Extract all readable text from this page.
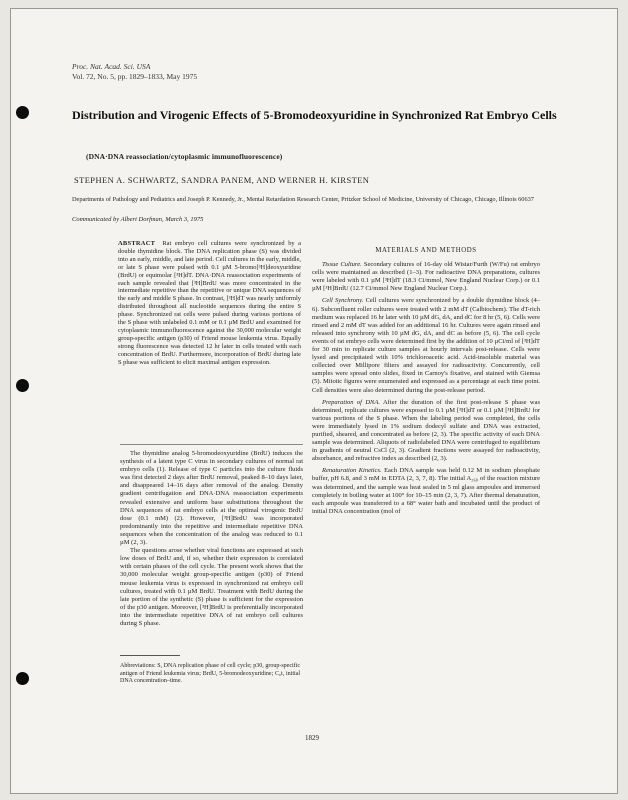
Proc. Nat. Acad. Sci. USA
Vol. 72, No. 5, pp. 1829–1833, May 1975
Distribution and Virogenic Effects of 5-Bromodeoxyuridine in Synchronized Rat Embryo Cells
(DNA·DNA reassociation/cytoplasmic immunofluorescence)
STEPHEN A. SCHWARTZ, SANDRA PANEM, AND WERNER H. KIRSTEN
Departments of Pathology and Pediatrics and Joseph P. Kennedy, Jr., Mental Retardation Research Center, Pritzker School of Medicine, University of Chicago, Chicago, Illinois 60637
Communicated by Albert Dorfman, March 3, 1975

ABSTRACT Rat embryo cell cultures were synchronized by a double thymidine block. The DNA replication phase (S) was divided into an early, middle, and late period. Cell cultures in the early, middle, or late S phase were pulsed with 0.1 µM 5-bromo[³H]deoxyuridine (BrdU) or equimolar [³H]dT. DNA·DNA reassociation experiments of each sample revealed that [³H]BrdU was more concentrated in the intermediate repetitive than the repetitive or unique DNA sequences of the early and middle S phase. In contrast, [³H]dT was nearly uniformly distributed throughout all nucleotide sequences during the entire S phase. Synchronized rat cells were pulsed during various portions of the S phase with unlabeled 0.1 mM or 0.1 µM BrdU and examined for cytoplasmic immunofluorescence against the 30,000 molecular weight group-specific antigen (p30) of Friend mouse leukemia virus. Equally strong fluorescence was detected 12 hr later in cells treated with each concentration of BrdU. Furthermore, incorporation of BrdU during late S phase was sufficient to elicit maximal antigen expression.

The thymidine analog 5-bromodeoxyuridine (BrdU) induces the synthesis of a latent type C virus in secondary cultures of normal rat embryo cells (1). Release of type C particles into the culture fluids was first detected 2 days after BrdU removal, peaked 8–10 days later, and disappeared 14–16 days after removal of the analog. Density gradient centrifugation and DNA·DNA reassociation experiments revealed extensive and uniform base substitutions throughout the DNA sequences of rat embryo cells at the optimal virogenic BrdU dose (0.1 mM) (2). However, [³H]BrdU was incorporated predominantly into the repetitive and intermediate repetitive DNA sequences when the concentration of the analog was reduced to 0.1 µM (2, 3).

The questions arose whether viral functions are expressed at such low doses of BrdU and, if so, whether their expression is correlated with certain phases of the cell cycle. The present work shows that the 30,000 molecular weight group-specific antigen (p30) of Friend mouse leukemia virus is expressed in synchronized rat embryo cell cultures, treated with 0.1 µM BrdU. Treatment with BrdU during the late portion of the synthetic (S) phase is sufficient for the expression of the p30 antigen. Moreover, [³H]BrdU is preferentially incorporated into the intermediate repetitive DNA of rat embryo cell cultures during S phase.

Abbreviations: S, DNA replication phase of cell cycle; p30, group-specific antigen of Friend leukemia virus; BrdU, 5-bromodeoxyuridine; C₀t, initial DNA concentration–time.

MATERIALS AND METHODS

Tissue Culture. Secondary cultures of 16-day old Wistar/Furth (W/Fu) rat embryo cells were maintained as described (1–3). For radioactive DNA preparations, cultures were labeled with 0.1 µM [³H]dT (18.3 Ci/mmol, New England Nuclear Corp.) or 0.1 µM [³H]BrdU (12.7 Ci/mmol New England Nuclear Corp.).

Cell Synchrony. Cell cultures were synchronized by a double thymidine block (4–6). Subconfluent roller cultures were treated with 2 mM dT (Calbiochem). The dT-rich medium was replaced 16 hr later with 10 µM dG, dA, and dC for 8 hr (5, 6). Cells were rinsed and 2 mM dT was added for an additional 16 hr. Cultures were again rinsed and released into synchrony with 10 µM dG, dA, and dC as before (5, 6). The cell cycle events of rat embryo cells were determined first by the addition of 10 µCi/ml of [³H]dT for 30 min to replicate culture samples at hourly intervals post-release. Cells were lysed and precipitated with 10% trichloroacetic acid. Acid-insoluble material was collected over Millipore filters and assayed for radioactivity. Concurrently, cell samples were spread onto slides, fixed in Carnoy's fixative, and stained with Giemsa (5). Mitotic figures were enumerated and expressed as a percentage at each time point. Cell densities were also determined during the post-release period.

Preparation of DNA. After the duration of the first post-release S phase was determined, replicate cultures were exposed to 0.1 µM [³H]dT or 0.1 µM [³H]BrdU for various portions of the S phase. When the labeling period was completed, the cells were immediately lysed in 1% sodium dodecyl sulfate and DNA was extracted, purified, sheared, and concentrated as before (2, 3). The specific activity of each DNA sample was determined. Aliquots of radiolabeled DNA were centrifuged to equilibrium in gradients of neutral CsCl (2, 3). Gradient fractions were assayed for radioactivity, absorbance, and refractive index as described (2, 3).

Renaturation Kinetics. Each DNA sample was held 0.12 M in sodium phosphate buffer, pH 6.8, and 3 mM in EDTA (2, 3, 7, 8). The initial A₂₆₀ of the reaction mixture was determined, and the sample was heat sealed in 5 ml glass ampoules and immersed completely in boiling water at 100° for 10–15 min (2, 3, 7). After thermal denaturation, each ampoule was transferred to a 68° water bath and incubated until the product of initial DNA concentration (mol of

1829
